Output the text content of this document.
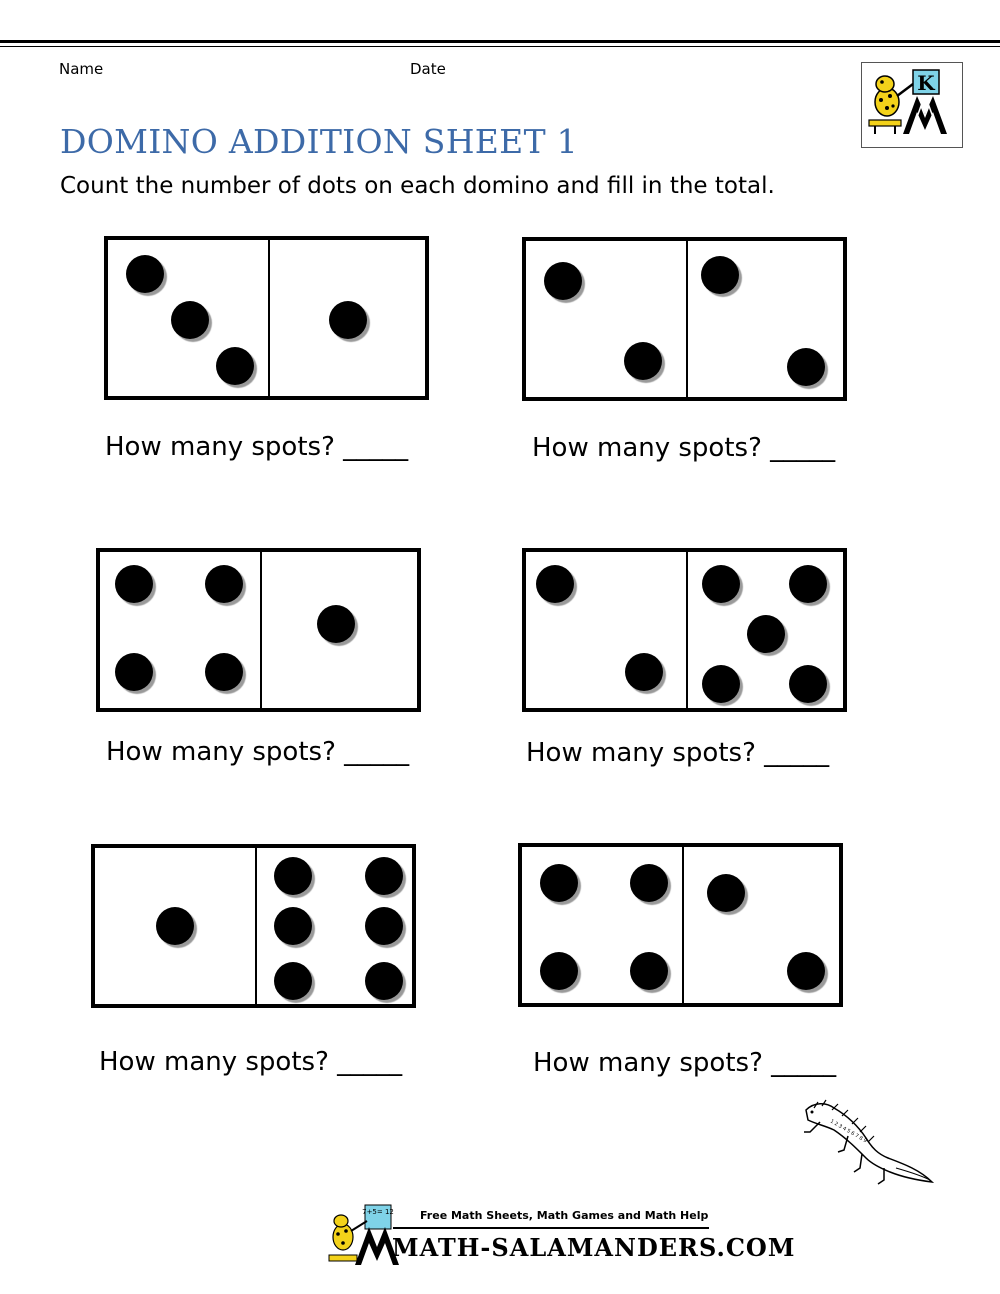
Name	Date
K
DOMINO ADDITION SHEET 1
Count the number of dots on each domino and fill in the total.
How many spots? _____	How many spots? _____
How many spots? _____	How many spots? _____
How many spots? _____	How many spots? _____
1 2 3 4 5 6 7 8 9
7+5= 12 Free Math Sheets, Math Games and Math Help
MATH-SALAMANDERS.COM
